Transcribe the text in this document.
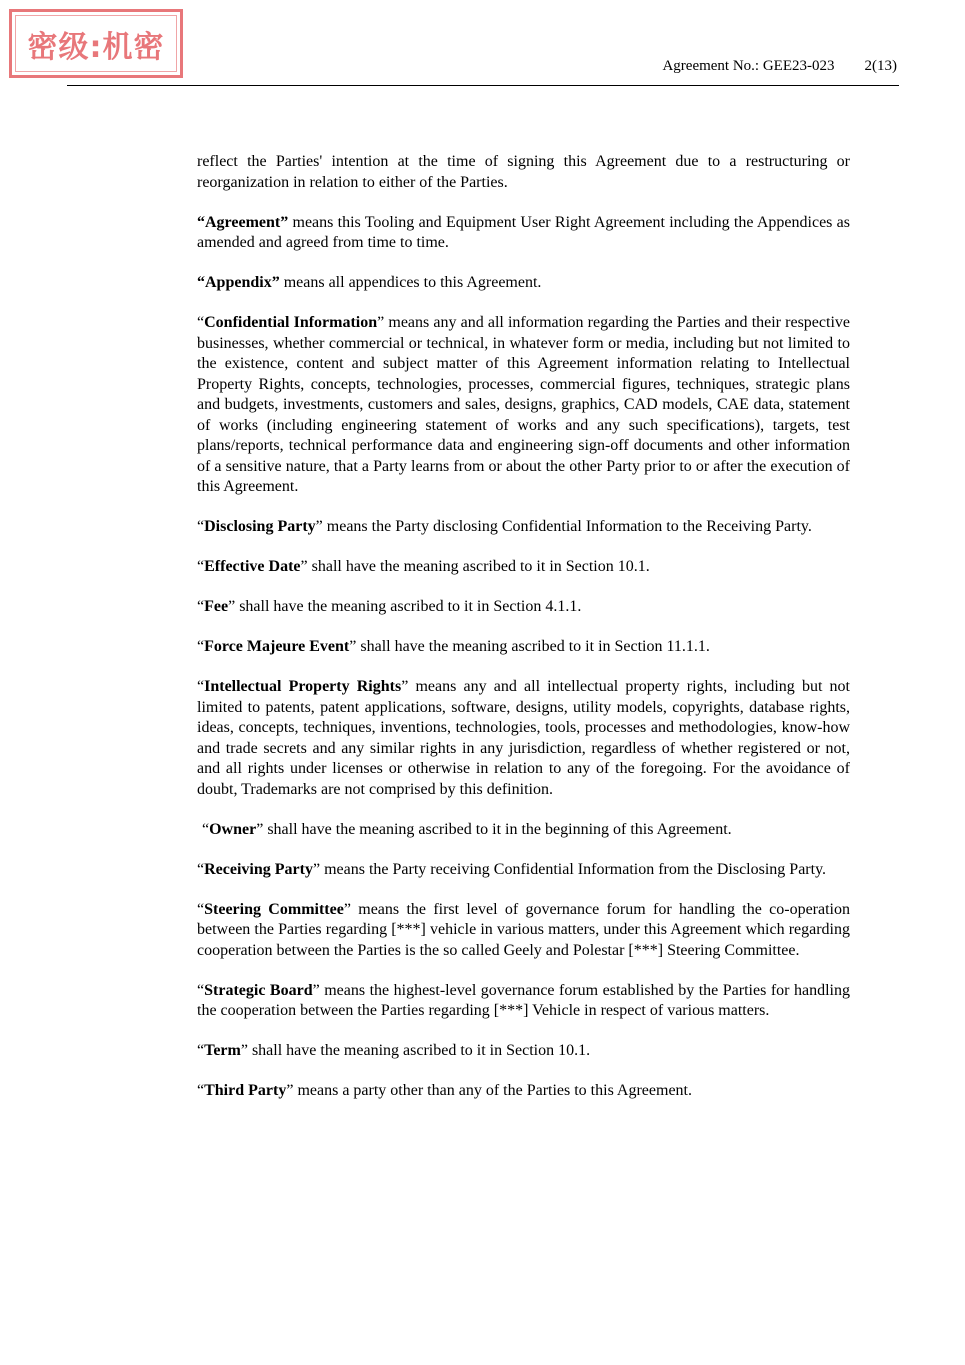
密级:机密
Agreement No.: GEE23-023 2(13)

reflect the Parties' intention at the time of signing this Agreement due to a restructuring or reorganization in relation to either of the Parties.

“Agreement” means this Tooling and Equipment User Right Agreement including the Appendices as amended and agreed from time to time.

“Appendix” means all appendices to this Agreement.

“Confidential Information” means any and all information regarding the Parties and their respective businesses, whether commercial or technical, in whatever form or media, including but not limited to the existence, content and subject matter of this Agreement information relating to Intellectual Property Rights, concepts, technologies, processes, commercial figures, techniques, strategic plans and budgets, investments, customers and sales, designs, graphics, CAD models, CAE data, statement of works (including engineering statement of works and any such specifications), targets, test plans/reports, technical performance data and engineering sign-off documents and other information of a sensitive nature, that a Party learns from or about the other Party prior to or after the execution of this Agreement.

“Disclosing Party” means the Party disclosing Confidential Information to the Receiving Party.

“Effective Date” shall have the meaning ascribed to it in Section 10.1.

“Fee” shall have the meaning ascribed to it in Section 4.1.1.

“Force Majeure Event” shall have the meaning ascribed to it in Section 11.1.1.

“Intellectual Property Rights” means any and all intellectual property rights, including but not limited to patents, patent applications, software, designs, utility models, copyrights, database rights, ideas, concepts, techniques, inventions, technologies, tools, processes and methodologies, know-how and trade secrets and any similar rights in any jurisdiction, regardless of whether registered or not, and all rights under licenses or otherwise in relation to any of the foregoing. For the avoidance of doubt, Trademarks are not comprised by this definition.

“Owner” shall have the meaning ascribed to it in the beginning of this Agreement.

“Receiving Party” means the Party receiving Confidential Information from the Disclosing Party.

“Steering Committee” means the first level of governance forum for handling the co-operation between the Parties regarding [***] vehicle in various matters, under this Agreement which regarding cooperation between the Parties is the so called Geely and Polestar [***] Steering Committee.

“Strategic Board” means the highest-level governance forum established by the Parties for handling the cooperation between the Parties regarding [***] Vehicle in respect of various matters.

“Term” shall have the meaning ascribed to it in Section 10.1.

“Third Party” means a party other than any of the Parties to this Agreement.
